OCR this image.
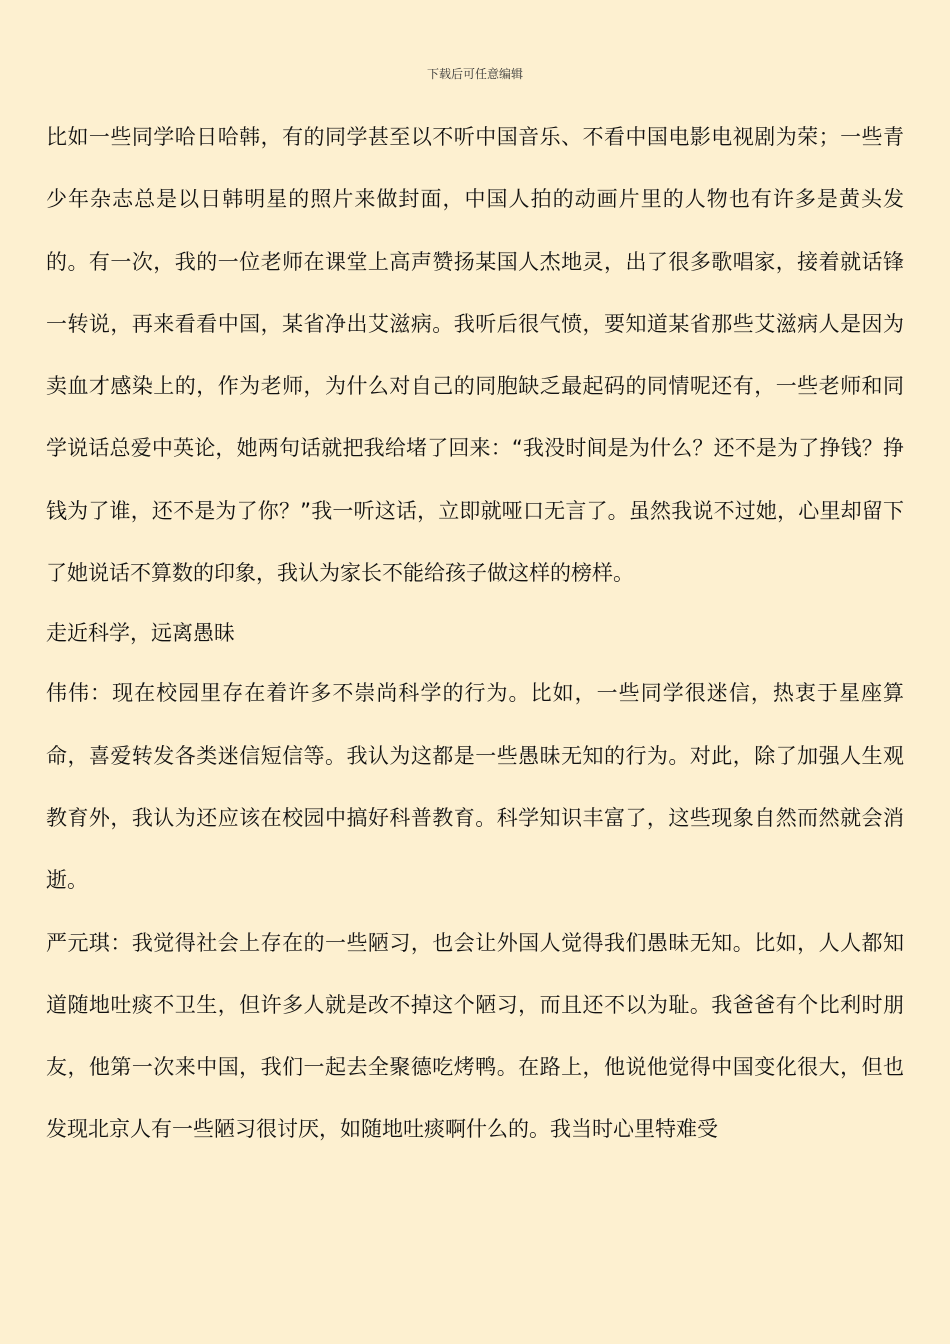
下载后可任意编辑

比如一些同学哈日哈韩，有的同学甚至以不听中国音乐、不看中国电影电视剧为荣；一些青少年杂志总是以日韩明星的照片来做封面，中国人拍的动画片里的人物也有许多是黄头发的。有一次，我的一位老师在课堂上高声赞扬某国人杰地灵，出了很多歌唱家，接着就话锋一转说，再来看看中国，某省净出艾滋病。我听后很气愤，要知道某省那些艾滋病人是因为卖血才感染上的，作为老师，为什么对自己的同胞缺乏最起码的同情呢还有，一些老师和同学说话总爱中英论，她两句话就把我给堵了回来：“我没时间是为什么？还不是为了挣钱？挣钱为了谁，还不是为了你？”我一听这话，立即就哑口无言了。虽然我说不过她，心里却留下了她说话不算数的印象，我认为家长不能给孩子做这样的榜样。

走近科学，远离愚昧

伟伟：现在校园里存在着许多不崇尚科学的行为。比如，一些同学很迷信，热衷于星座算命，喜爱转发各类迷信短信等。我认为这都是一些愚昧无知的行为。对此，除了加强人生观教育外，我认为还应该在校园中搞好科普教育。科学知识丰富了，这些现象自然而然就会消逝。

严元琪：我觉得社会上存在的一些陋习，也会让外国人觉得我们愚昧无知。比如，人人都知道随地吐痰不卫生，但许多人就是改不掉这个陋习，而且还不以为耻。我爸爸有个比利时朋友，他第一次来中国，我们一起去全聚德吃烤鸭。在路上，他说他觉得中国变化很大，但也发现北京人有一些陋习很讨厌，如随地吐痰啊什么的。我当时心里特难受
